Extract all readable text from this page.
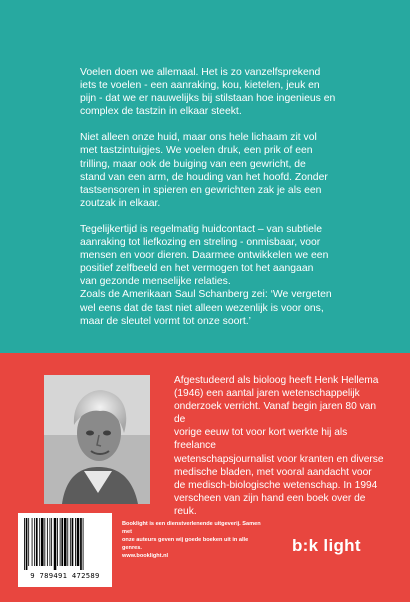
Voelen doen we allemaal. Het is zo vanzelfsprekend
iets te voelen - een aanraking, kou, kietelen, jeuk en
pijn - dat we er nauwelijks bij stilstaan hoe ingenieus en
complex de tastzin in elkaar steekt.

Niet alleen onze huid, maar ons hele lichaam zit vol
met tastzintuigjes. We voelen druk, een prik of een
trilling, maar ook de buiging van een gewricht, de
stand van een arm, de houding van het hoofd. Zonder
tastsensoren in spieren en gewrichten zak je als een
zoutzak in elkaar.

Tegelijkertijd is regelmatig huidcontact – van subtiele
aanraking tot liefkozing en streling - onmisbaar, voor
mensen en voor dieren. Daarmee ontwikkelen we een
positief zelfbeeld en het vermogen tot het aangaan
van gezonde menselijke relaties.

Zoals de Amerikaan Saul Schanberg zei: ‘We vergeten
wel eens dat de tast niet alleen wezenlijk is voor ons,
maar de sleutel vormt tot onze soort.’

Afgestudeerd als bioloog heeft Henk Hellema
(1946) een aantal jaren wetenschappelijk
onderzoek verricht. Vanaf begin jaren 80 van de
vorige eeuw tot voor kort werkte hij als freelance
wetenschapsjournalist voor kranten en diverse
medische bladen, met vooral aandacht voor
de medisch-biologische wetenschap. In 1994
verscheen van zijn hand een boek over de reuk.
9 789491 472589
Booklight is een dienstverlenende uitgeverij. Samen met
onze auteurs geven wij goede boeken uit in alle genres.
www.booklight.nl
b:k light
